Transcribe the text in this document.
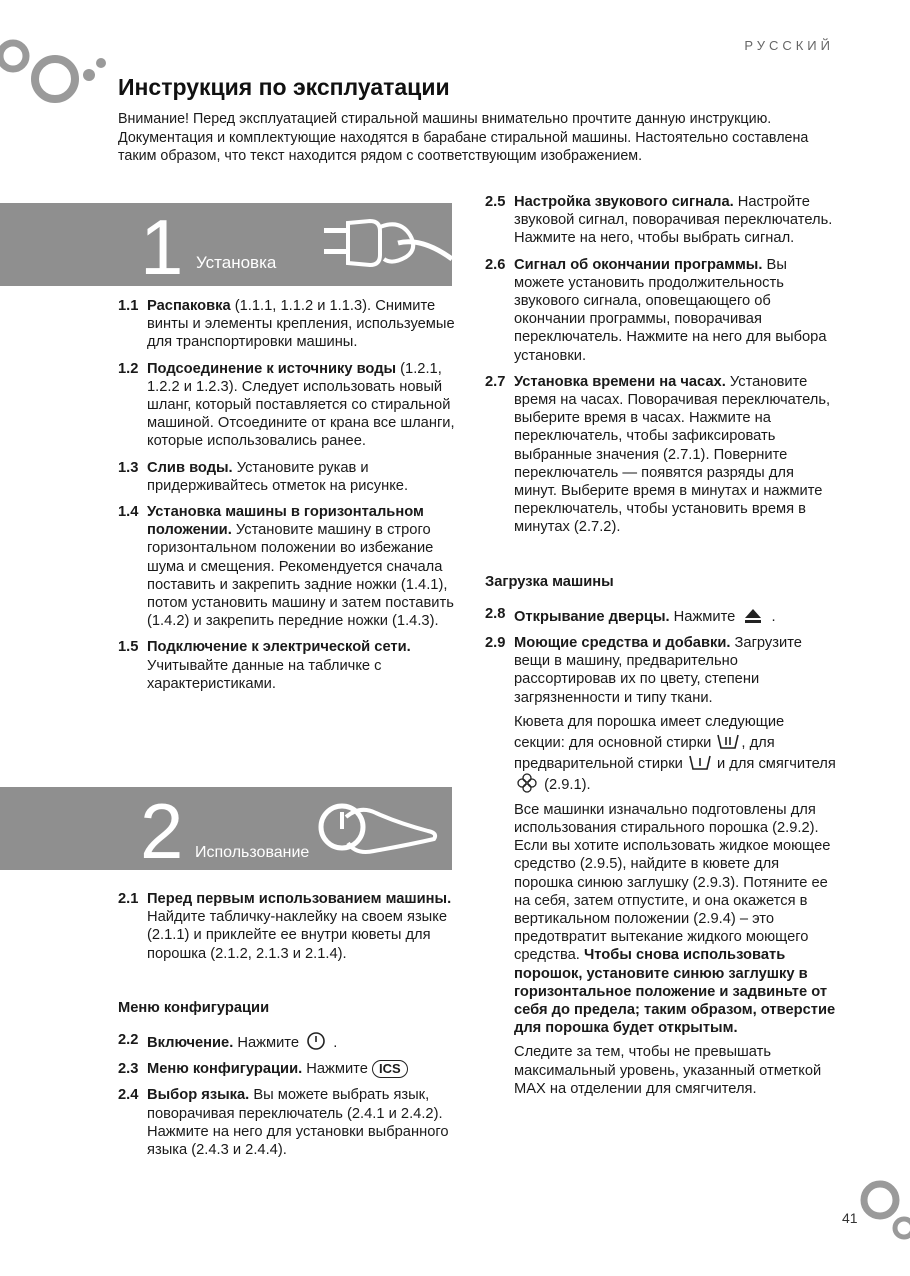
РУССКИЙ
Инструкция по эксплуатации

Внимание! Перед эксплуатацией стиральной машины внимательно прочтите данную инструкцию. Документация и комплектующие находятся в барабане стиральной машины. Настоятельно составлена таким образом, что текст находится рядом с соответствующим изображением.

1 Установка
1.1 Распаковка (1.1.1, 1.1.2 и 1.1.3). Снимите винты и элементы крепления, используемые для транспортировки машины.
1.2 Подсоединение к источнику воды (1.2.1, 1.2.2 и 1.2.3). Следует использовать новый шланг, который поставляется со стиральной машиной. Отсоедините от крана все шланги, которые использовались ранее.
1.3 Слив воды. Установите рукав и придерживайтесь отметок на рисунке.
1.4 Установка машины в горизонтальном положении. Установите машину в строго горизонтальном положении во избежание шума и смещения. Рекомендуется сначала поставить и закрепить задние ножки (1.4.1), потом установить машину и затем поставить (1.4.2) и закрепить передние ножки (1.4.3).
1.5 Подключение к электрической сети. Учитывайте данные на табличке с характеристиками.
2 Использование
2.1 Перед первым использованием машины. Найдите табличку-наклейку на своем языке (2.1.1) и приклейте ее внутри кюветы для порошка (2.1.2, 2.1.3 и 2.1.4).
Меню конфигурации
2.2 Включение. Нажмите  .
2.3 Меню конфигурации. Нажмите ICS
2.4 Выбор языка. Вы можете выбрать язык, поворачивая переключатель (2.4.1 и 2.4.2). Нажмите на него для установки выбранного языка (2.4.3 и 2.4.4).
2.5 Настройка звукового сигнала. Настройте звуковой сигнал, поворачивая переключатель. Нажмите на него, чтобы выбрать сигнал.
2.6 Сигнал об окончании программы. Вы можете установить продолжительность звукового сигнала, оповещающего об окончании программы, поворачивая переключатель. Нажмите на него для выбора установки.
2.7 Установка времени на часах. Установите время на часах. Поворачивая переключатель, выберите время в часах. Нажмите на переключатель, чтобы зафиксировать выбранные значения (2.7.1). Поверните переключатель — появятся разряды для минут. Выберите время в минутах и нажмите переключатель, чтобы установить время в минутах (2.7.2).
Загрузка машины
2.8 Открывание дверцы. Нажмите  .
2.9 Моющие средства и добавки. Загрузите вещи в машину, предварительно рассортировав их по цвету, степени загрязненности и типу ткани.

Кювета для порошка имеет следующие секции: для основной стирки , для предварительной стирки  и для смягчителя  (2.9.1).

Все машинки изначально подготовлены для использования стирального порошка (2.9.2). Если вы хотите использовать жидкое моющее средство (2.9.5), найдите в кювете для порошка синюю заглушку (2.9.3). Потяните ее на себя, затем отпустите, и она окажется в вертикальном положении (2.9.4) – это предотвратит вытекание жидкого моющего средства. Чтобы снова использовать порошок, установите синюю заглушку в горизонтальное положение и задвиньте от себя до предела; таким образом, отверстие для порошка будет открытым.

Следите за тем, чтобы не превышать максимальный уровень, указанный отметкой MAX на отделении для смягчителя.

41
